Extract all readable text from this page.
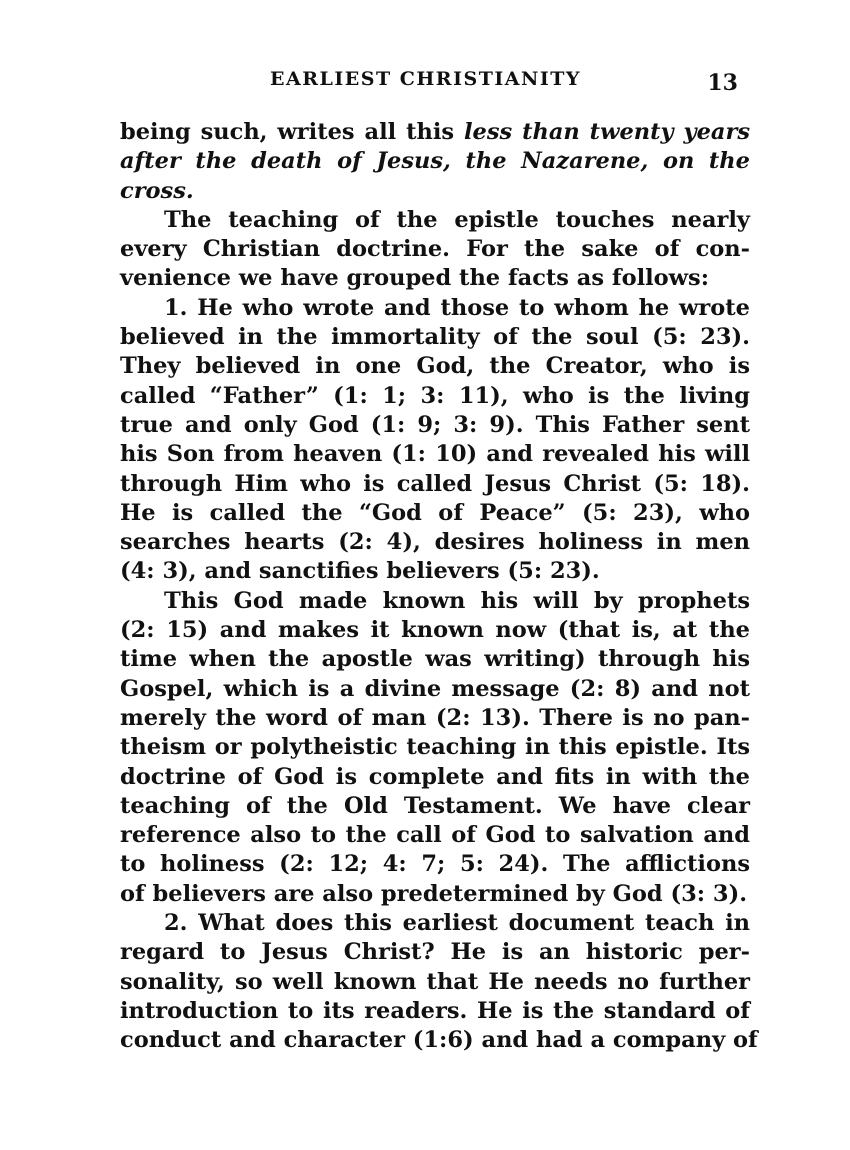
EARLIEST CHRISTIANITY	13
being such, writes all this less than twenty years
after the death of Jesus, the Nazarene, on the
cross.
The teaching of the epistle touches nearly
every Christian doctrine. For the sake of con-
venience we have grouped the facts as follows:
1. He who wrote and those to whom he wrote
believed in the immortality of the soul (5: 23).
They believed in one God, the Creator, who is
called “Father” (1: 1; 3: 11), who is the living
true and only God (1: 9; 3: 9). This Father sent
his Son from heaven (1: 10) and revealed his will
through Him who is called Jesus Christ (5: 18).
He is called the “God of Peace” (5: 23), who
searches hearts (2: 4), desires holiness in men
(4: 3), and sanctifies believers (5: 23).
This God made known his will by prophets
(2: 15) and makes it known now (that is, at the
time when the apostle was writing) through his
Gospel, which is a divine message (2: 8) and not
merely the word of man (2: 13). There is no pan-
theism or polytheistic teaching in this epistle. Its
doctrine of God is complete and fits in with the
teaching of the Old Testament. We have clear
reference also to the call of God to salvation and
to holiness (2: 12; 4: 7; 5: 24). The afflictions
of believers are also predetermined by God (3: 3).
2. What does this earliest document teach in
regard to Jesus Christ? He is an historic per-
sonality, so well known that He needs no further
introduction to its readers. He is the standard of
conduct and character (1:6) and had a company of
